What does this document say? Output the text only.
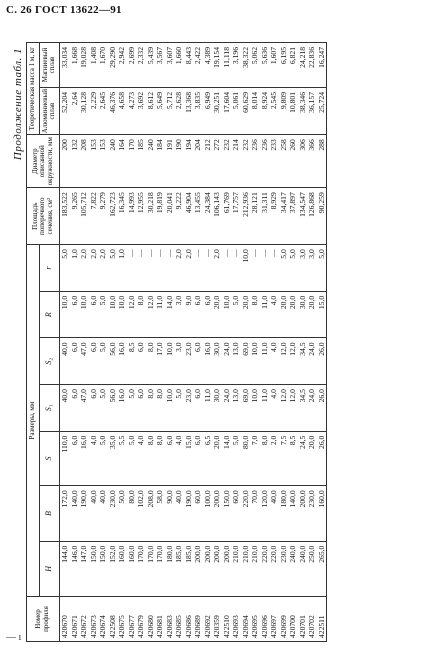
С. 26 ГОСТ 13622—91
Продолжение табл. 1
Номер профиля	Размеры, мм							Площадь поперечного сечения, см²	Диаметр описанной окружности, мм	Теоретическая масса 1 м, кг	
	H	B	S	S₁	S₂	R	r			Алюминиевый сплав	Магниевый сплав
420670	144,0	172,0	110,0	40,0	40,0	10,0	5,0	183,522	200	52,204	33,034
420671	146,0	140,0	6,0	6,0	6,0	6,0	1,0	9,265	132	2,64	1,668
420672	147,0	190,0	16,0	47,0	47,0	10,0	2,0	105,712	208	30,128	19,028
420673	150,0	40,0	4,0	6,0	6,0	6,0	2,0	7,822	153	2,229	1,408
420674	150,0	40,0	5,0	5,0	5,0	5,0	2,0	9,279	153	2,645	1,670
422508	152,0	230,0	35,0	56,0	56,0	10,0	5,0	162,723	240	46,376	29,290
420675	160,0	50,0	5,5	16,0	16,0	10,0	1,0	16,345	164	4,658	2,942
420677	160,0	80,0	5,0	5,0	8,5	12,0	—	14,993	170	4,273	2,699
420679	170,0	102,0	4,0	6,0	6,0	8,0	—	12,955	185	3,692	2,332
420680	170,0	208,0	8,0	8,0	8,0	12,0	—	30,218	240	8,612	5,439
420681	170,0	58,0	8,0	8,0	17,0	11,0	—	19,819	184	5,649	3,567
420683	180,0	90,0	6,0	10,0	10,0	14,0	—	20,041	191	5,712	3,607
420685	185,0	40,0	4,0	5,0	3,0	3,0	2,0	9,222	190	2,628	1,660
420686	185,0	190,0	15,0	23,0	23,0	9,0	2,0	46,904	194	13,368	8,443
420689	200,0	60,0	6,0	6,0	6,0	6,0	—	13,455	204	3,835	2,422
420692	200,0	100,0	6,5	11,0	16,0	6,0	—	24,384	212	6,949	4,389
420359	200,0	200,0	20,0	30,0	30,0	20,0	2,0	106,143	272	30,251	19,154
422510	200,0	150,0	14,0	24,0	24,0	10,0	—	61,769	232	17,604	11,118
420693	210,0	60,0	5,0	13,0	13,0	5,0	—	17,757	214	5,061	3,196
420694	210,0	220,0	80,0	69,0	69,0	20,0	10,0	212,936	232	60,629	38,322
420695	210,0	70,0	7,0	10,0	10,0	8,0	—	28,121	236	8,014	5,062
420696	220,0	120,0	8,0	11,0	11,0	11,0	—	31,311	236	8,924	5,636
420697	220,0	40,0	2,0	4,0	4,0	4,0	—	8,929	233	2,545	1,607
420699	230,0	180,0	7,5	12,0	12,0	20,0	5,0	34,417	258	9,809	6,195
420700	240,0	140,0	8,5	12,0	12,0	20,0	5,0	37,897	260	10,801	6,821
420701	240,0	200,0	24,5	34,5	34,5	30,0	3,0	134,547	306	38,346	24,218
420702	250,0	230,0	20,0	24,0	24,0	20,0	3,0	126,868	366	36,157	22,836
422511	265,0	160,0	26,0	26,0	26,0	15,0	5,0	90,259	288	25,724	16,247
— ı
